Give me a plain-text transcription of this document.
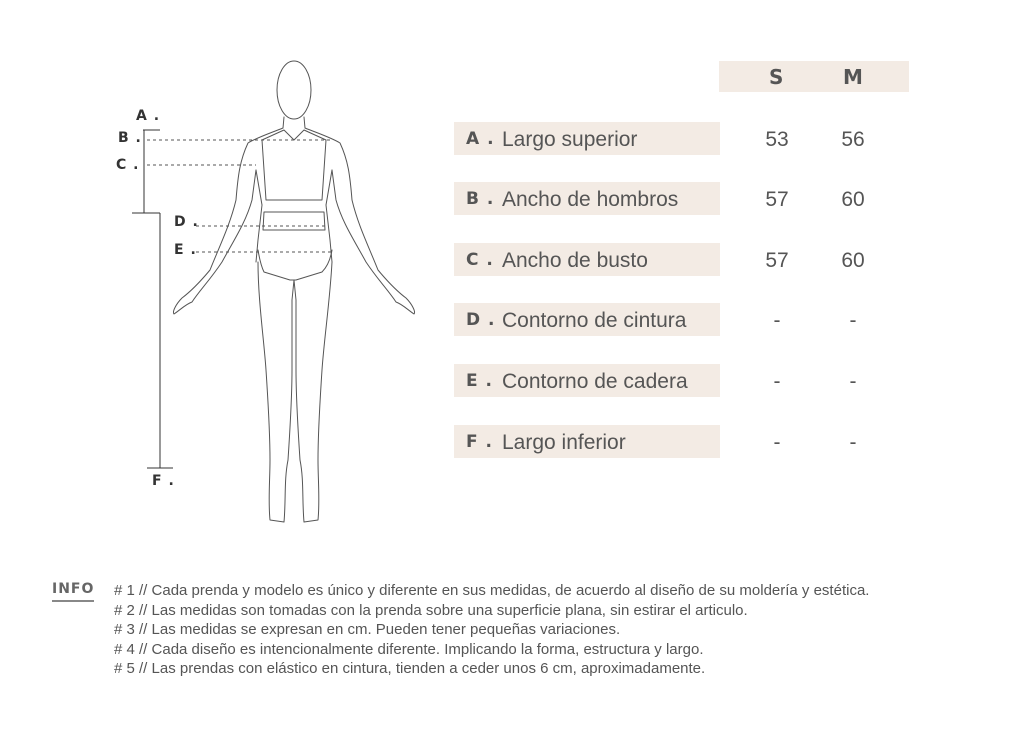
A .
B .
C .
D .
E .
F .
S	M
A . Largo superior	53	56
B . Ancho de hombros	57	60
C . Ancho de busto	57	60
D . Contorno de cintura	-	-
E . Contorno de cadera	-	-
F . Largo inferior	-	-
INFO # 1 // Cada prenda y modelo es único y diferente en sus medidas, de acuerdo al diseño de su moldería y estética.
# 2 // Las medidas son tomadas con la prenda sobre una superficie plana, sin estirar el articulo.
# 3 // Las medidas se expresan en cm. Pueden tener pequeñas variaciones.
# 4 // Cada diseño es intencionalmente diferente. Implicando la forma, estructura y largo.
# 5 // Las prendas con elástico en cintura, tienden a ceder unos 6 cm, aproximadamente.
